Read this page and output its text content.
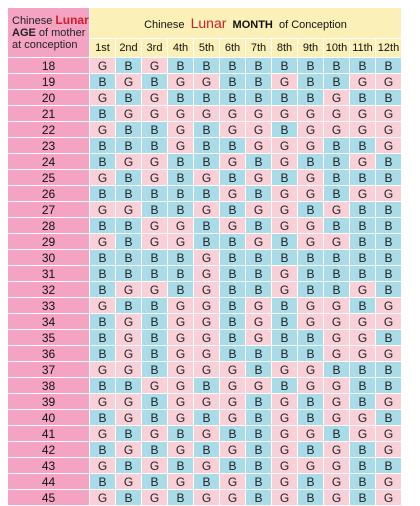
Chinese Lunar
AGE of mother
at conception	Chinese Lunar MONTH of Conception											
	1st	2nd	3rd	4th	5th	6th	7th	8th	9th	10th	11th	12th
18	G	B	G	B	B	B	B	B	B	B	B	B
19	B	G	B	G	G	B	B	G	B	B	G	G
20	G	B	G	B	B	B	B	B	B	G	B	B
21	B	G	G	G	G	G	G	G	G	G	G	G
22	G	B	B	G	B	G	G	B	G	G	G	G
23	B	B	B	G	B	B	G	G	G	B	B	G
24	B	G	G	B	B	G	B	G	B	B	G	B
25	G	B	G	B	G	B	G	B	G	B	B	B
26	B	B	B	B	B	G	B	G	G	B	G	G
27	G	G	B	B	G	B	G	G	B	G	B	B
28	B	B	G	G	B	G	B	G	G	B	B	B
29	G	B	G	G	B	B	G	B	G	G	B	B
30	B	B	B	B	G	B	B	B	B	B	B	B
31	B	B	B	B	G	B	B	G	B	B	B	B
32	B	G	G	B	G	B	B	G	B	B	G	B
33	G	B	B	G	G	B	G	B	G	G	B	G
34	B	G	B	G	G	B	G	B	G	G	G	G
35	B	G	B	G	G	B	G	B	B	G	G	B
36	B	G	B	G	G	B	B	B	B	G	G	G
37	G	G	B	G	G	G	B	G	G	B	B	B
38	B	B	G	G	B	G	G	B	G	G	B	B
39	G	G	B	G	G	G	B	G	B	G	B	G
40	B	G	B	G	B	G	B	G	B	G	G	B
41	G	B	G	B	G	B	B	G	G	B	G	G
42	B	G	B	G	B	G	B	G	B	G	B	G
43	G	B	G	B	G	B	B	G	G	G	B	B
44	B	G	B	G	B	G	B	G	B	G	B	G
45	G	B	G	B	G	G	B	G	B	G	B	G
